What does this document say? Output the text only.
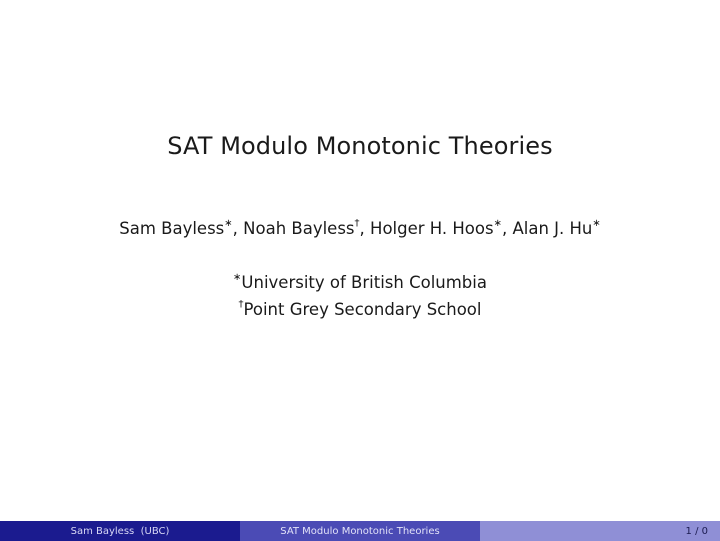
SAT Modulo Monotonic Theories
Sam Bayless∗, Noah Bayless†, Holger H. Hoos∗, Alan J. Hu∗
∗University of British Columbia
†Point Grey Secondary School
Sam Bayless  (UBC)	SAT Modulo Monotonic Theories	1 / 0
